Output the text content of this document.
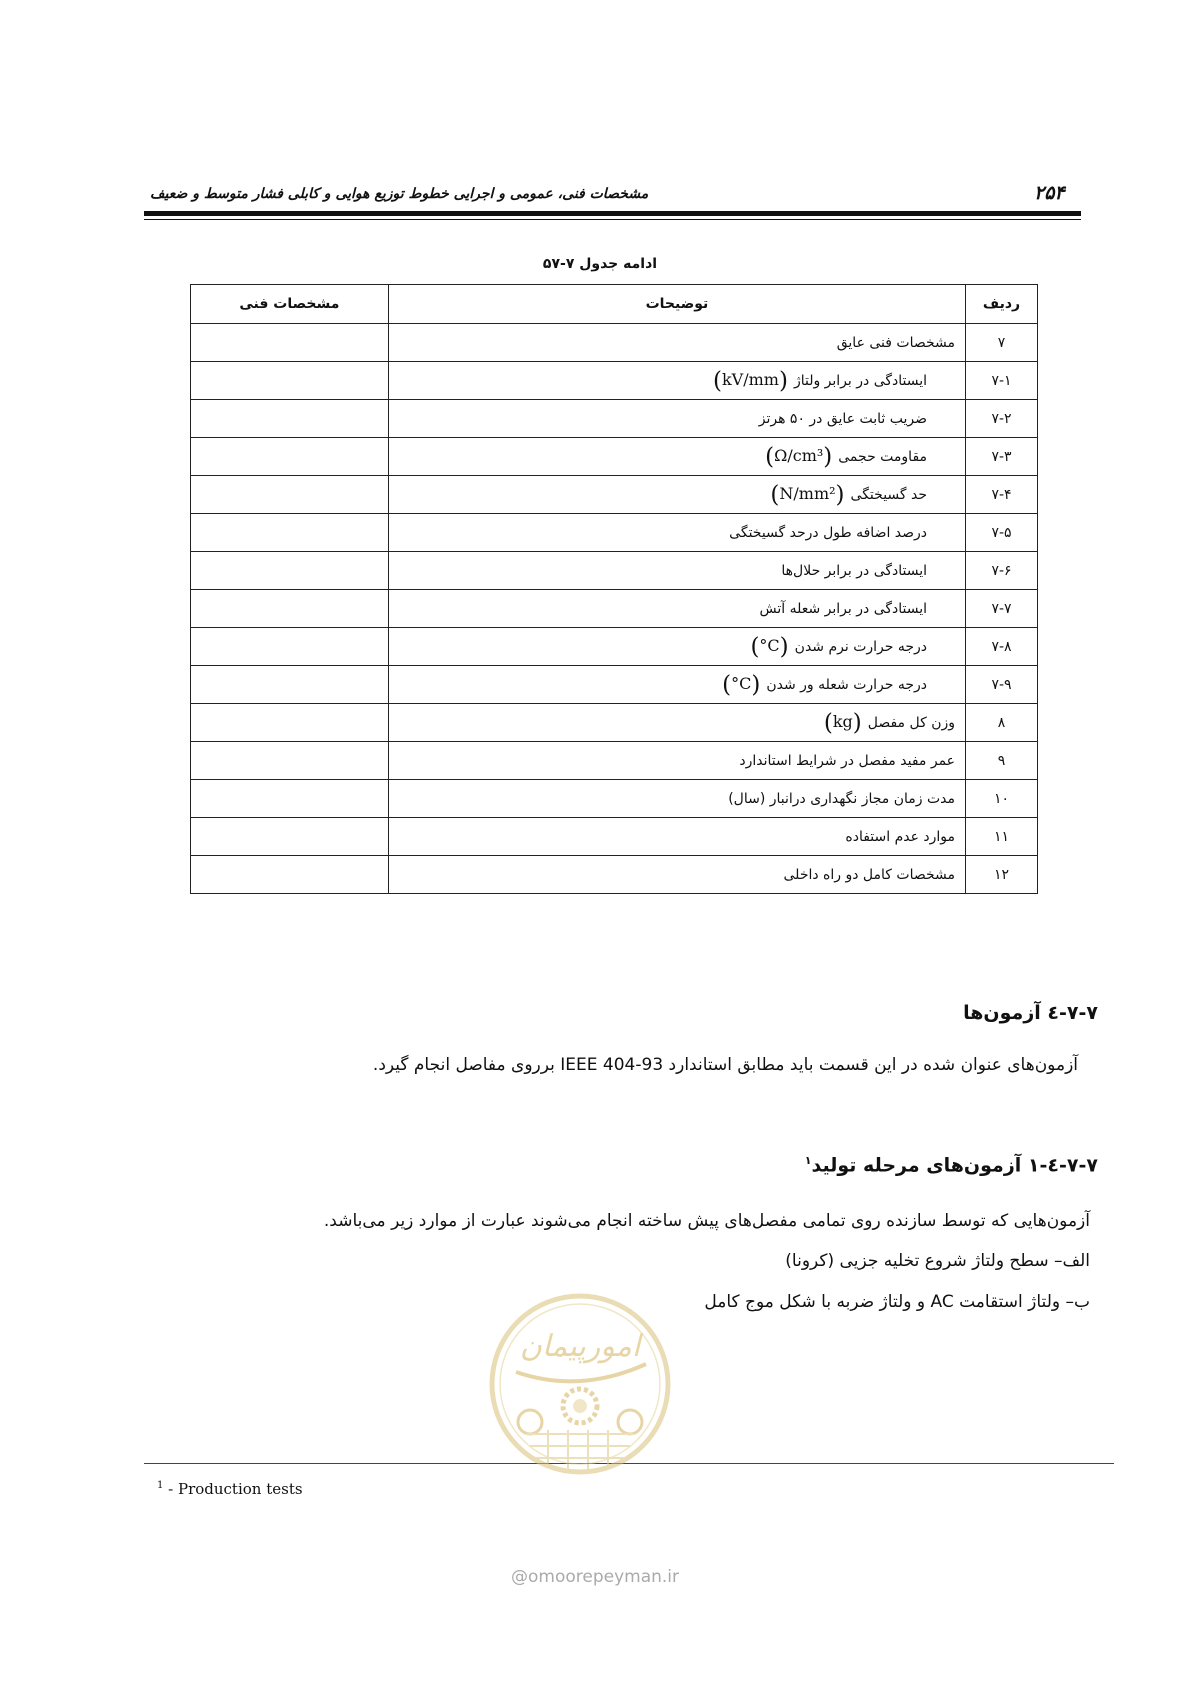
۲۵۴
مشخصات فنی، عمومی و اجرایی خطوط توزیع هوایی و کابلی فشار متوسط و ضعیف
ادامه جدول ۷-۵۷
ردیف	توضیحات	مشخصات فنی
۷	مشخصات فنی عایق	
۷-۱	ایستادگی در برابر ولتاژ(kV/mm)	
۷-۲	ضریب ثابت عایق در ۵۰ هرتز	
۷-۳	مقاومت حجمی(Ω/cm³)	
۷-۴	حد گسیختگی(N/mm²)	
۷-۵	درصد اضافه طول درحد گسیختگی	
۷-۶	ایستادگی در برابر حلال‌ها	
۷-۷	ایستادگی در برابر شعله آتش	
۷-۸	درجه حرارت نرم شدن(°C)	
۷-۹	درجه حرارت شعله ور شدن(°C)	
۸	وزن کل مفصل(kg)	
۹	عمر مفید مفصل در شرایط استاندارد	
۱۰	مدت زمان مجاز نگهداری درانبار (سال)	
۱۱	موارد عدم استفاده	
۱۲	مشخصات کامل دو راه داخلی	
۷-۷-٤ آزمون‌ها
آزمون‌های عنوان شده در این قسمت باید مطابق استاندارد IEEE 404-93 برروی مفاصل انجام گیرد.
۷-۷-٤-۱ آزمون‌های مرحله تولید$^۱$
آزمون‌هایی که توسط سازنده روی تمامی مفصل‌های پیش ساخته انجام می‌شوند عبارت از موارد زیر می‌باشد.
الف– سطح ولتاژ شروع تخلیه جزیی (کرونا)
ب– ولتاژ استقامت AC و ولتاژ ضربه با شکل موج کامل
$^1$ - Production tests
امورپیمان
@omoorepeyman.ir
